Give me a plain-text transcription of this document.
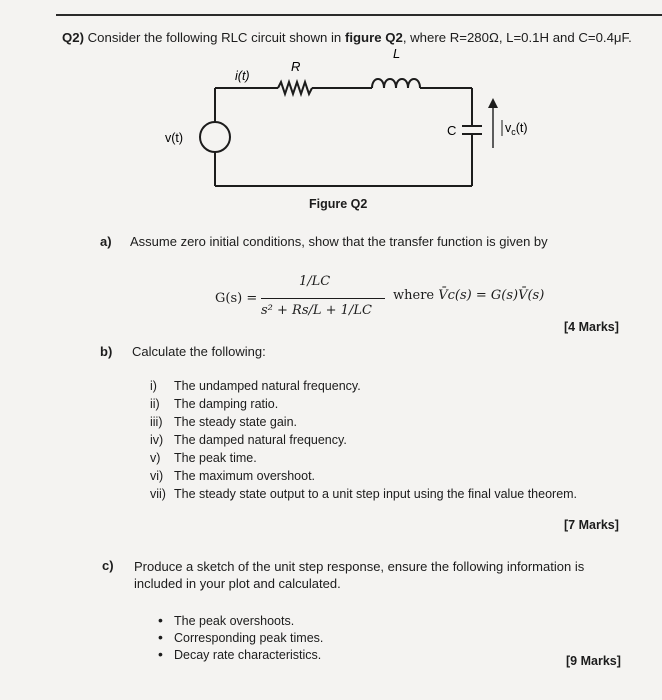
Q2) Consider the following RLC circuit shown in figure Q2, where R=280Ω, L=0.1H and C=0.4μF.
i(t)
R
L
v(t)	C	$v_c(t)$
Figure Q2
a) Assume zero initial conditions, show that the transfer function is given by
G(s) =
1/LC
s² + Rs/L + 1/LC
where V̄c(s) = G(s)V̄(s)
[4 Marks]
b) Calculate the following:
i) The undamped natural frequency.
ii) The damping ratio.
iii) The steady state gain.
iv) The damped natural frequency.
v) The peak time.
vi) The maximum overshoot.
vii) The steady state output to a unit step input using the final value theorem.
[7 Marks]
c) Produce a sketch of the unit step response, ensure the following information is included in your plot and calculated.
• The peak overshoots.
• Corresponding peak times.
• Decay rate characteristics.	[9 Marks]
